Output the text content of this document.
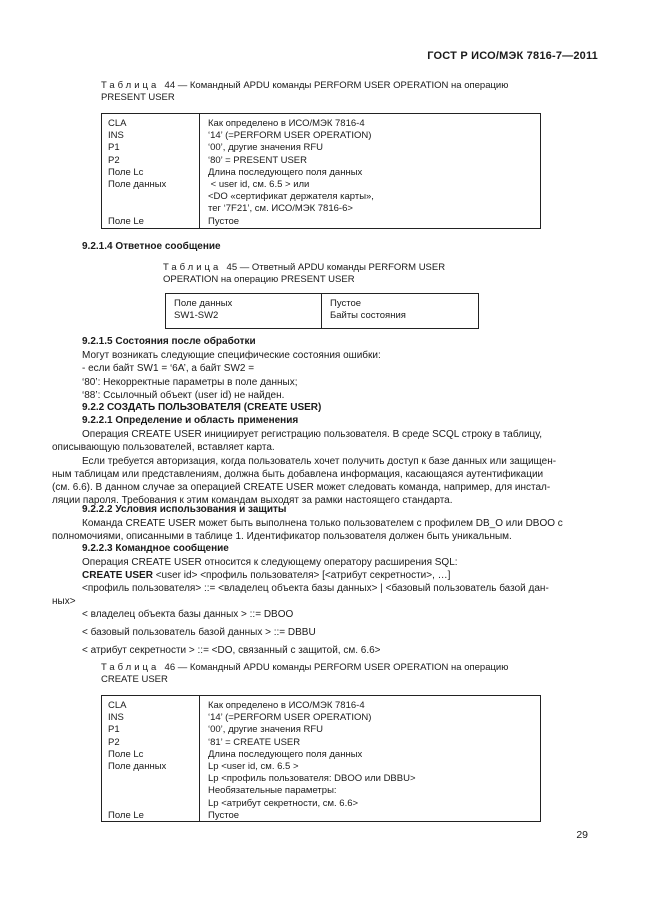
ГОСТ Р ИСО/МЭК 7816-7—2011
Таблица 44 — Командный APDU команды PERFORM USER OPERATION на операцию
PRESENT USER
CLA
INS
P1
P2
Поле Lc
Поле данных

Поле Le
Как определено в ИСО/МЭК 7816-4
‘14’ (=PERFORM USER OPERATION)
‘00’, другие значения RFU
‘80’ = PRESENT USER
Длина последующего поля данных
< user id, см. 6.5 > или
<DO «сертификат держателя карты»,
тег ‘7F21’, см. ИСО/МЭК 7816-6>
Пустое
9.2.1.4 Ответное сообщение
Таблица 45 — Ответный APDU команды PERFORM USER
OPERATION на операцию PRESENT USER
Поле данных
SW1-SW2
Пустое
Байты состояния
9.2.1.5 Состояния после обработки
Могут возникать следующие специфические состояния ошибки:
- если байт SW1 = ‘6A’, а байт SW2 =
‘80’: Некорректные параметры в поле данных;
‘88’: Ссылочный объект (user id) не найден.
9.2.2 СОЗДАТЬ ПОЛЬЗОВАТЕЛЯ (CREATE USER)
9.2.2.1 Определение и область применения
Операция CREATE USER инициирует регистрацию пользователя. В среде SCQL строку в таблицу,
описывающую пользователей, вставляет карта.
Если требуется авторизация, когда пользователь хочет получить доступ к базе данных или защищен-
ным таблицам или представлениям, должна быть добавлена информация, касающаяся аутентификации
(см. 6.6). В данном случае за операцией CREATE USER может следовать команда, например, для инстал-
ляции пароля. Требования к этим командам выходят за рамки настоящего стандарта.
9.2.2.2 Условия использования и защиты
Команда CREATE USER может быть выполнена только пользователем с профилем DB_O или DBOO с
полномочиями, описанными в таблице 1. Идентификатор пользователя должен быть уникальным.
9.2.2.3 Командное сообщение
Операция CREATE USER относится к следующему оператору расширения SQL:
CREATE USER <user id> <профиль пользователя> [<атрибут секретности>, …]
<профиль пользователя> ::= <владелец объекта базы данных> | <базовый пользователь базой дан-
ных>
< владелец объекта базы данных > ::= DBOO
< базовый пользователь базой данных > ::= DBBU
< атрибут секретности > ::= <DO, связанный с защитой, см. 6.6>
Таблица 46 — Командный APDU команды PERFORM USER OPERATION на операцию
CREATE USER
CLA
INS
P1
P2
Поле Lc
Поле данных

Поле Le
Как определено в ИСО/МЭК 7816-4
‘14’ (=PERFORM USER OPERATION)
‘00’, другие значения RFU
‘81’ = CREATE USER
Длина последующего поля данных
Lp <user id, см. 6.5 >
Lp <профиль пользователя: DBOO или DBBU>
Необязательные параметры:
Lp <атрибут секретности, см. 6.6>
Пустое
29
